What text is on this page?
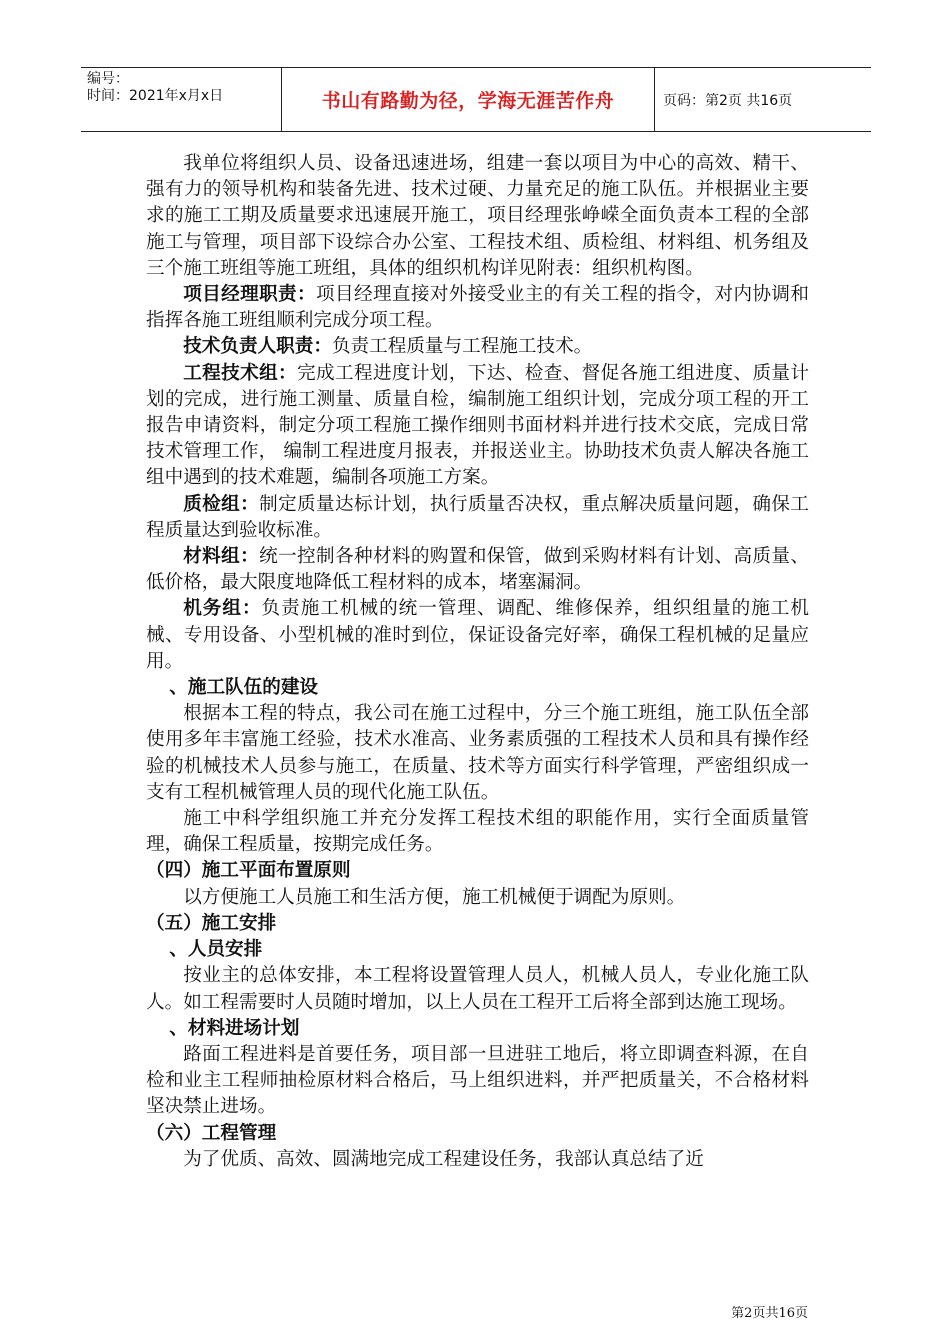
编号：
时间：2021年x月x日	书山有路勤为径，学海无涯苦作舟	页码：第2页 共16页

我单位将组织人员、设备迅速进场，组建一套以项目为中心的高效、精干、强有力的领导机构和装备先进、技术过硬、力量充足的施工队伍。并根据业主要求的施工工期及质量要求迅速展开施工，项目经理张峥嵘全面负责本工程的全部施工与管理，项目部下设综合办公室、工程技术组、质检组、材料组、机务组及三个施工班组等施工班组，具体的组织机构详见附表：组织机构图。

项目经理职责：项目经理直接对外接受业主的有关工程的指令，对内协调和指挥各施工班组顺利完成分项工程。

技术负责人职责：负责工程质量与工程施工技术。

工程技术组：完成工程进度计划，下达、检查、督促各施工组进度、质量计划的完成，进行施工测量、质量自检，编制施工组织计划，完成分项工程的开工报告申请资料，制定分项工程施工操作细则书面材料并进行技术交底，完成日常技术管理工作， 编制工程进度月报表，并报送业主。协助技术负责人解决各施工组中遇到的技术难题，编制各项施工方案。

质检组：制定质量达标计划，执行质量否决权，重点解决质量问题，确保工程质量达到验收标准。

材料组：统一控制各种材料的购置和保管，做到采购材料有计划、高质量、低价格，最大限度地降低工程材料的成本，堵塞漏洞。

机务组：负责施工机械的统一管理、调配、维修保养，组织组量的施工机械、专用设备、小型机械的准时到位，保证设备完好率，确保工程机械的足量应用。

、施工队伍的建设

根据本工程的特点，我公司在施工过程中，分三个施工班组，施工队伍全部使用多年丰富施工经验，技术水准高、业务素质强的工程技术人员和具有操作经验的机械技术人员参与施工，在质量、技术等方面实行科学管理，严密组织成一支有工程机械管理人员的现代化施工队伍。

施工中科学组织施工并充分发挥工程技术组的职能作用，实行全面质量管理，确保工程质量，按期完成任务。

（四）施工平面布置原则

以方便施工人员施工和生活方便，施工机械便于调配为原则。

（五）施工安排

、人员安排

按业主的总体安排，本工程将设置管理人员人，机械人员人，专业化施工队人。如工程需要时人员随时增加，以上人员在工程开工后将全部到达施工现场。

、材料进场计划

路面工程进料是首要任务，项目部一旦进驻工地后，将立即调查料源，在自检和业主工程师抽检原材料合格后，马上组织进料，并严把质量关，不合格材料坚决禁止进场。

（六）工程管理

为了优质、高效、圆满地完成工程建设任务，我部认真总结了近

第2页共16页
